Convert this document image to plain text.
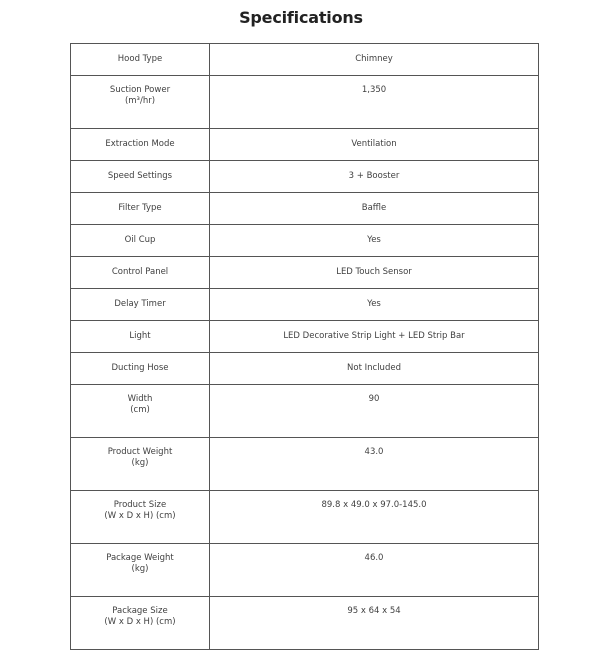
Specifications
Hood Type	Chimney

Suction Power
(m³/hr)	1,350
Extraction Mode	Ventilation
Speed Settings	3 + Booster
Filter Type	Baffle
Oil Cup	Yes
Control Panel	LED Touch Sensor
Delay Timer	Yes
Light	LED Decorative Strip Light + LED Strip Bar
Ducting Hose	Not Included

Width
(cm)	90

Product Weight
(kg)	43.0

Product Size
(W x D x H) (cm)	89.8 x 49.0 x 97.0-145.0

Package Weight
(kg)	46.0

Package Size
(W x D x H) (cm)	95 x 64 x 54
